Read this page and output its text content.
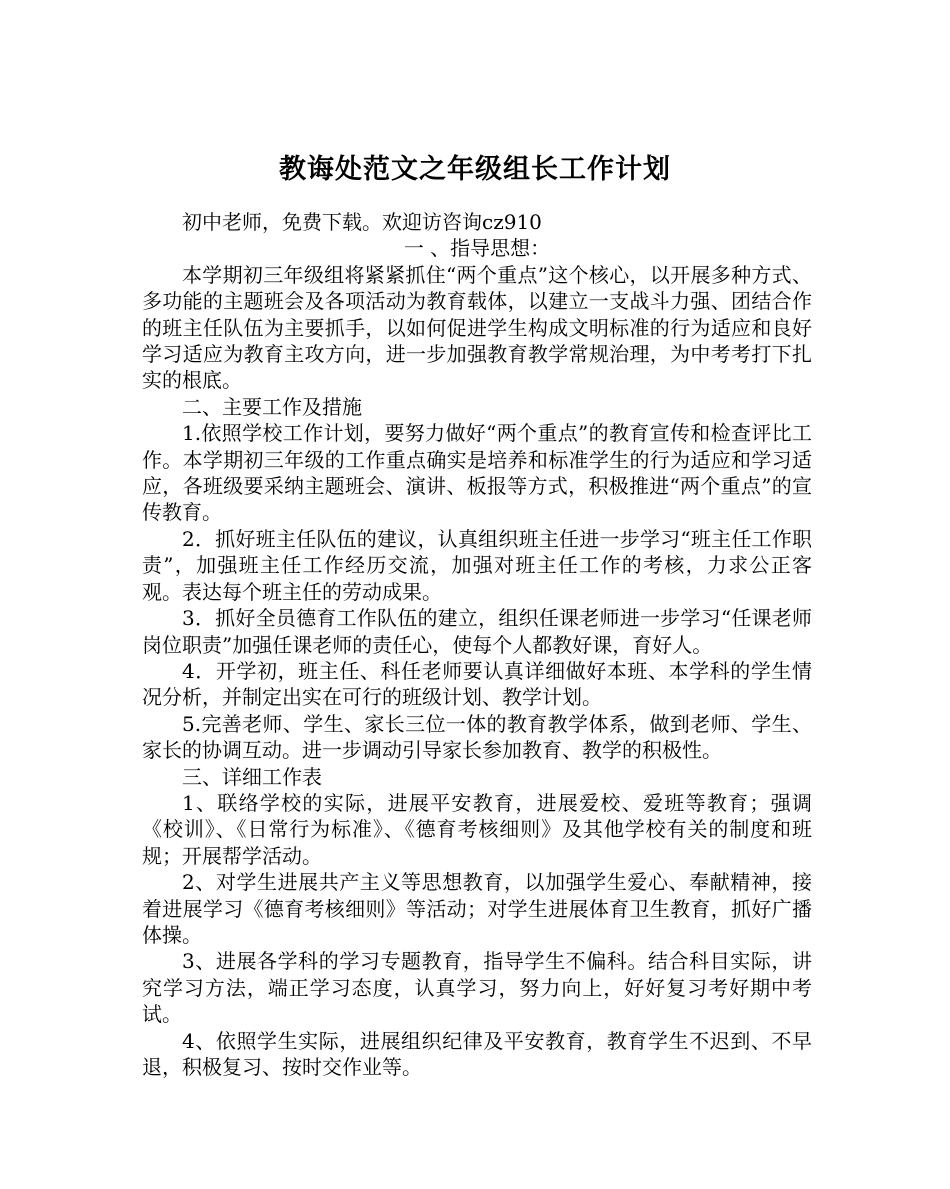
教诲处范文之年级组长工作计划

初中老师，免费下载。欢迎访咨询cz910

一 、指导思想：

本学期初三年级组将紧紧抓住“两个重点”这个核心，以开展多种方式、多功能的主题班会及各项活动为教育载体，以建立一支战斗力强、团结合作的班主任队伍为主要抓手，以如何促进学生构成文明标准的行为适应和良好学习适应为教育主攻方向，进一步加强教育教学常规治理，为中考考打下扎实的根底。

二、主要工作及措施

1.依照学校工作计划，要努力做好“两个重点”的教育宣传和检查评比工作。本学期初三年级的工作重点确实是培养和标准学生的行为适应和学习适应，各班级要采纳主题班会、演讲、板报等方式，积极推进“两个重点”的宣传教育。

2．抓好班主任队伍的建议，认真组织班主任进一步学习“班主任工作职责”，加强班主任工作经历交流，加强对班主任工作的考核，力求公正客观。表达每个班主任的劳动成果。

3．抓好全员德育工作队伍的建立，组织任课老师进一步学习“任课老师岗位职责”加强任课老师的责任心，使每个人都教好课，育好人。

4．开学初，班主任、科任老师要认真详细做好本班、本学科的学生情况分析，并制定出实在可行的班级计划、教学计划。

5.完善老师、学生、家长三位一体的教育教学体系，做到老师、学生、家长的协调互动。进一步调动引导家长参加教育、教学的积极性。

三、详细工作表

1、联络学校的实际，进展平安教育，进展爱校、爱班等教育；强调《校训》、《日常行为标准》、《德育考核细则》及其他学校有关的制度和班规；开展帮学活动。

2、对学生进展共产主义等思想教育，以加强学生爱心、奉献精神，接着进展学习《德育考核细则》等活动；对学生进展体育卫生教育，抓好广播体操。

3、进展各学科的学习专题教育，指导学生不偏科。结合科目实际，讲究学习方法，端正学习态度，认真学习，努力向上，好好复习考好期中考试。

4、依照学生实际，进展组织纪律及平安教育，教育学生不迟到、不早退，积极复习、按时交作业等。
